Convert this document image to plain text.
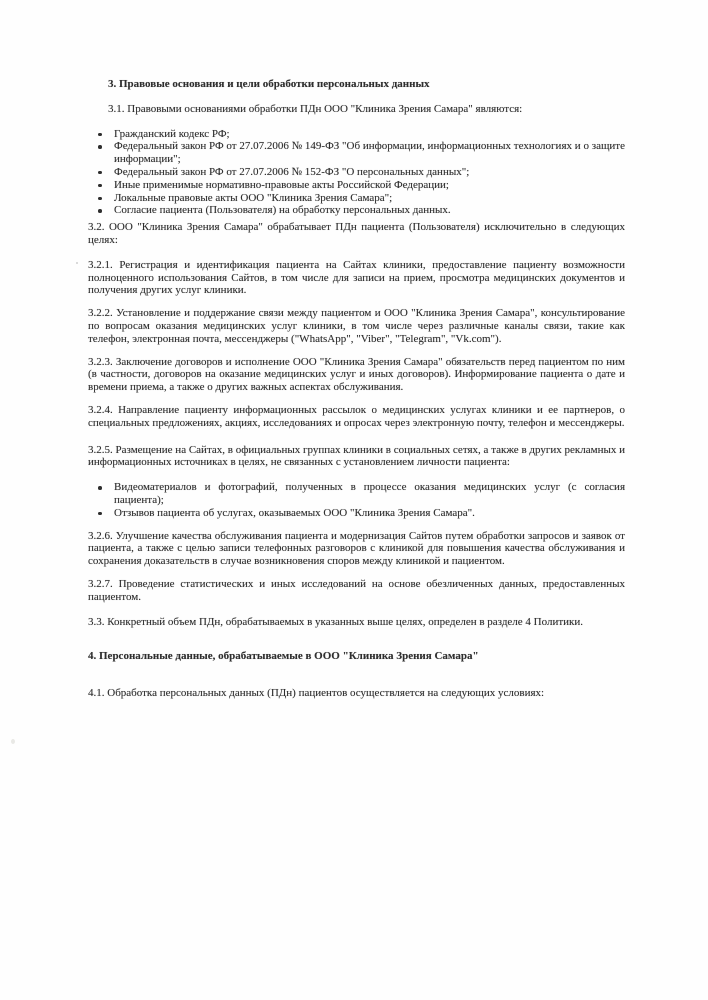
3. Правовые основания и цели обработки персональных данных
3.1. Правовыми основаниями обработки ПДн ООО "Клиника Зрения Самара" являются:
Гражданский кодекс РФ;
Федеральный закон РФ от 27.07.2006 № 149-ФЗ "Об информации, информационных технологиях и о защите информации";
Федеральный закон РФ от 27.07.2006 № 152-ФЗ "О персональных данных";
Иные применимые нормативно-правовые акты Российской Федерации;
Локальные правовые акты ООО "Клиника Зрения Самара";
Согласие пациента (Пользователя) на обработку персональных данных.
3.2. ООО "Клиника Зрения Самара" обрабатывает ПДн пациента (Пользователя) исключительно в следующих целях:
3.2.1. Регистрация и идентификация пациента на Сайтах клиники, предоставление пациенту возможности полноценного использования Сайтов, в том числе для записи на прием, просмотра медицинских документов и получения других услуг клиники.
3.2.2. Установление и поддержание связи между пациентом и ООО "Клиника Зрения Самара", консультирование по вопросам оказания медицинских услуг клиники, в том числе через различные каналы связи, такие как телефон, электронная почта, мессенджеры ("WhatsApp", "Viber", "Telegram", "Vk.com").
3.2.3. Заключение договоров и исполнение ООО "Клиника Зрения Самара" обязательств перед пациентом по ним (в частности, договоров на оказание медицинских услуг и иных договоров). Информирование пациента о дате и времени приема, а также о других важных аспектах обслуживания.
3.2.4. Направление пациенту информационных рассылок о медицинских услугах клиники и ее партнеров, о специальных предложениях, акциях, исследованиях и опросах через электронную почту, телефон и мессенджеры.
3.2.5. Размещение на Сайтах, в официальных группах клиники в социальных сетях, а также в других рекламных и информационных источниках в целях, не связанных с установлением личности пациента:
Видеоматериалов и фотографий, полученных в процессе оказания медицинских услуг (с согласия пациента);
Отзывов пациента об услугах, оказываемых ООО "Клиника Зрения Самара".
3.2.6. Улучшение качества обслуживания пациента и модернизация Сайтов путем обработки запросов и заявок от пациента, а также с целью записи телефонных разговоров с клиникой для повышения качества обслуживания и сохранения доказательств в случае возникновения споров между клиникой и пациентом.
3.2.7. Проведение статистических и иных исследований на основе обезличенных данных, предоставленных пациентом.
3.3. Конкретный объем ПДн, обрабатываемых в указанных выше целях, определен в разделе 4 Политики.
4. Персональные данные, обрабатываемые в ООО "Клиника Зрения Самара"
4.1. Обработка персональных данных (ПДн) пациентов осуществляется на следующих условиях:
